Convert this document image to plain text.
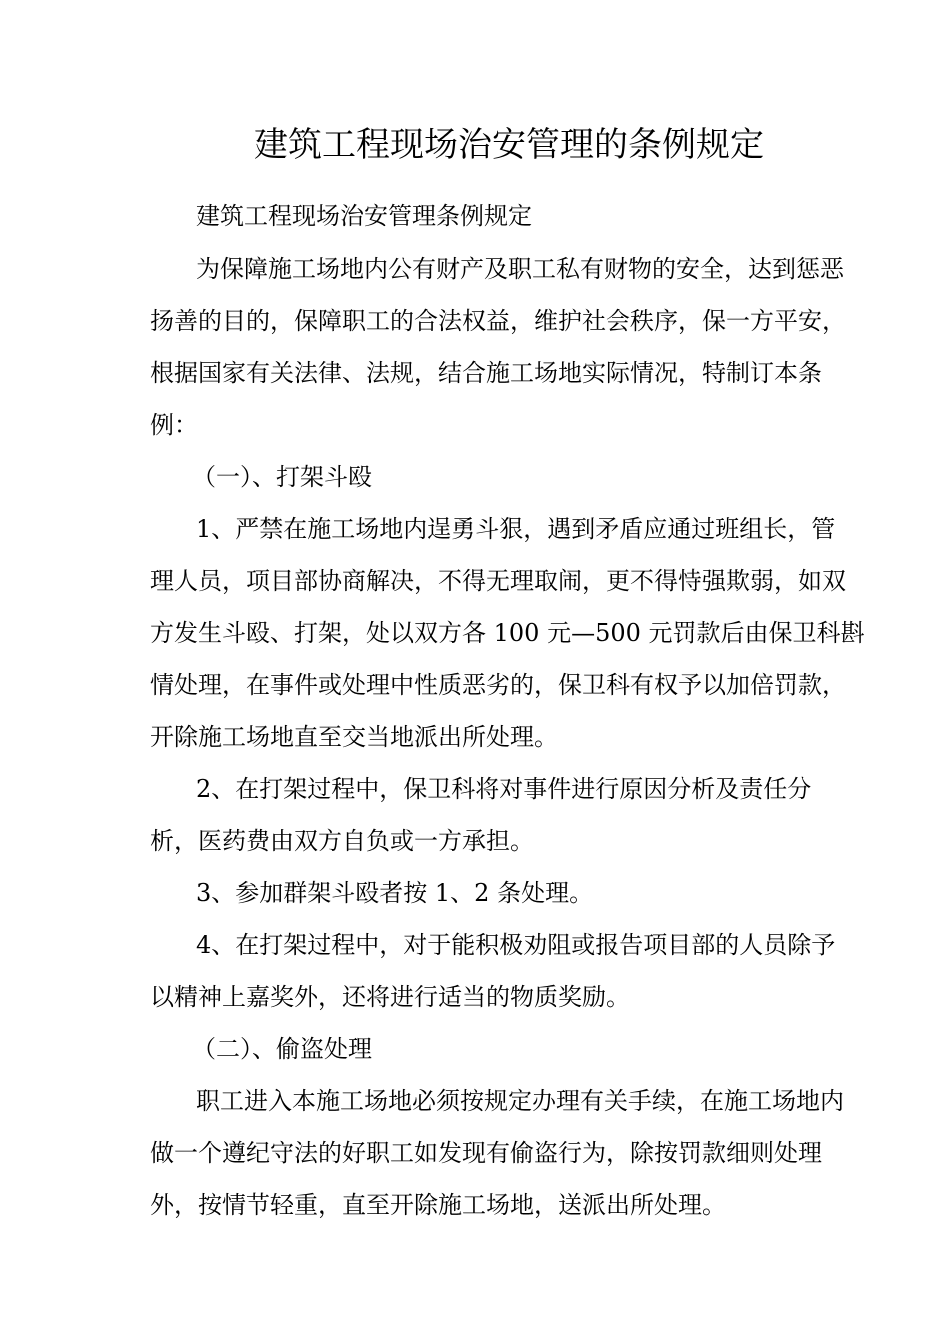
建筑工程现场治安管理的条例规定
建筑工程现场治安管理条例规定
为保障施工场地内公有财产及职工私有财物的安全，达到惩恶
扬善的目的，保障职工的合法权益，维护社会秩序，保一方平安，
根据国家有关法律、法规，结合施工场地实际情况，特制订本条
例：
（一）、打架斗殴
1、严禁在施工场地内逞勇斗狠，遇到矛盾应通过班组长，管
理人员，项目部协商解决，不得无理取闹，更不得恃强欺弱，如双
方发生斗殴、打架，处以双方各 100 元—500 元罚款后由保卫科斟
情处理，在事件或处理中性质恶劣的，保卫科有权予以加倍罚款，
开除施工场地直至交当地派出所处理。
2、在打架过程中，保卫科将对事件进行原因分析及责任分
析，医药费由双方自负或一方承担。
3、参加群架斗殴者按 1、2 条处理。
4、在打架过程中，对于能积极劝阻或报告项目部的人员除予
以精神上嘉奖外，还将进行适当的物质奖励。
（二）、偷盗处理
职工进入本施工场地必须按规定办理有关手续，在施工场地内
做一个遵纪守法的好职工如发现有偷盗行为，除按罚款细则处理
外，按情节轻重，直至开除施工场地，送派出所处理。
